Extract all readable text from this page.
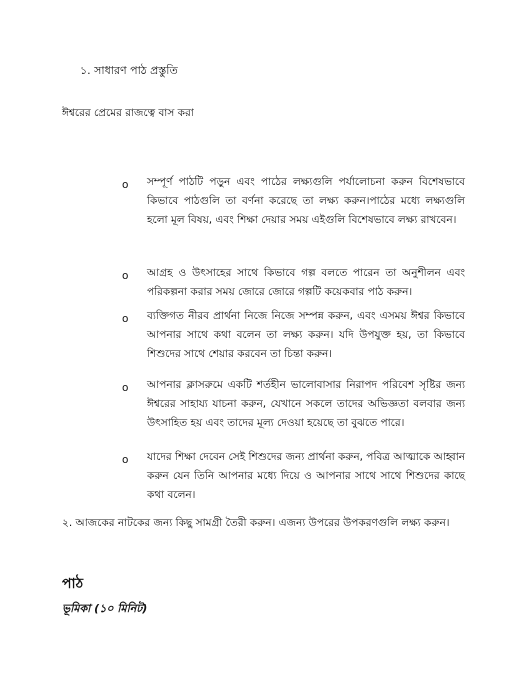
১. সাধারণ পাঠ প্রস্তুতি
ঈশ্বরের প্রেমের রাজত্বে বাস করা
o সম্পূর্ণ পাঠটি পড়ুন এবং পাঠের লক্ষ্যগুলি পর্যালোচনা করুন বিশেষভাবে কিভাবে পাঠগুলি তা বর্ণনা করেছে তা লক্ষ্য করুন।পাঠের মধ্যে লক্ষ্যগুলি হলো মূল বিষয়, এবং শিক্ষা দেয়ার সময় এইগুলি বিশেষভাবে লক্ষ্য রাখবেন।
o আগ্রহ ও উৎসাহের সাথে কিভাবে গল্প বলতে পারেন তা অনুশীলন এবং পরিকল্পনা করার সময় জোরে জোরে গল্পটি কয়েকবার পাঠ করুন।
o ব্যক্তিগত নীরব প্রার্থনা নিজে নিজে সম্পন্ন করুন, এবং এসময় ঈশ্বর কিভাবে আপনার সাথে কথা বলেন তা লক্ষ্য করুন। যদি উপযুক্ত হয়, তা কিভাবে শিশুদের সাথে শেয়ার করবেন তা চিন্তা করুন।
o আপনার ক্লাসরুমে একটি শর্তহীন ভালোবাসার নিরাপদ পরিবেশ সৃষ্টির জন্য ঈশ্বরের সাহায্য যাচনা করুন, যেখানে সকলে তাদের অভিজ্ঞতা বলবার জন্য উৎসাহিত হয় এবং তাদের মূল্য দেওয়া হয়েছে তা বুঝতে পারে।
o যাদের শিক্ষা দেবেন সেই শিশুদের জন্য প্রার্থনা করুন, পবিত্র আত্মাকে আহ্বান করুন যেন তিনি আপনার মধ্যে দিয়ে ও আপনার সাথে সাথে শিশুদের কাছে কথা বলেন।
২. আজকের নাটকের জন্য কিছু সামগ্রী তৈরী করুন। এজন্য উপরের উপকরণগুলি লক্ষ্য করুন।
পাঠ
ভূমিকা (১০ মিনিট)
